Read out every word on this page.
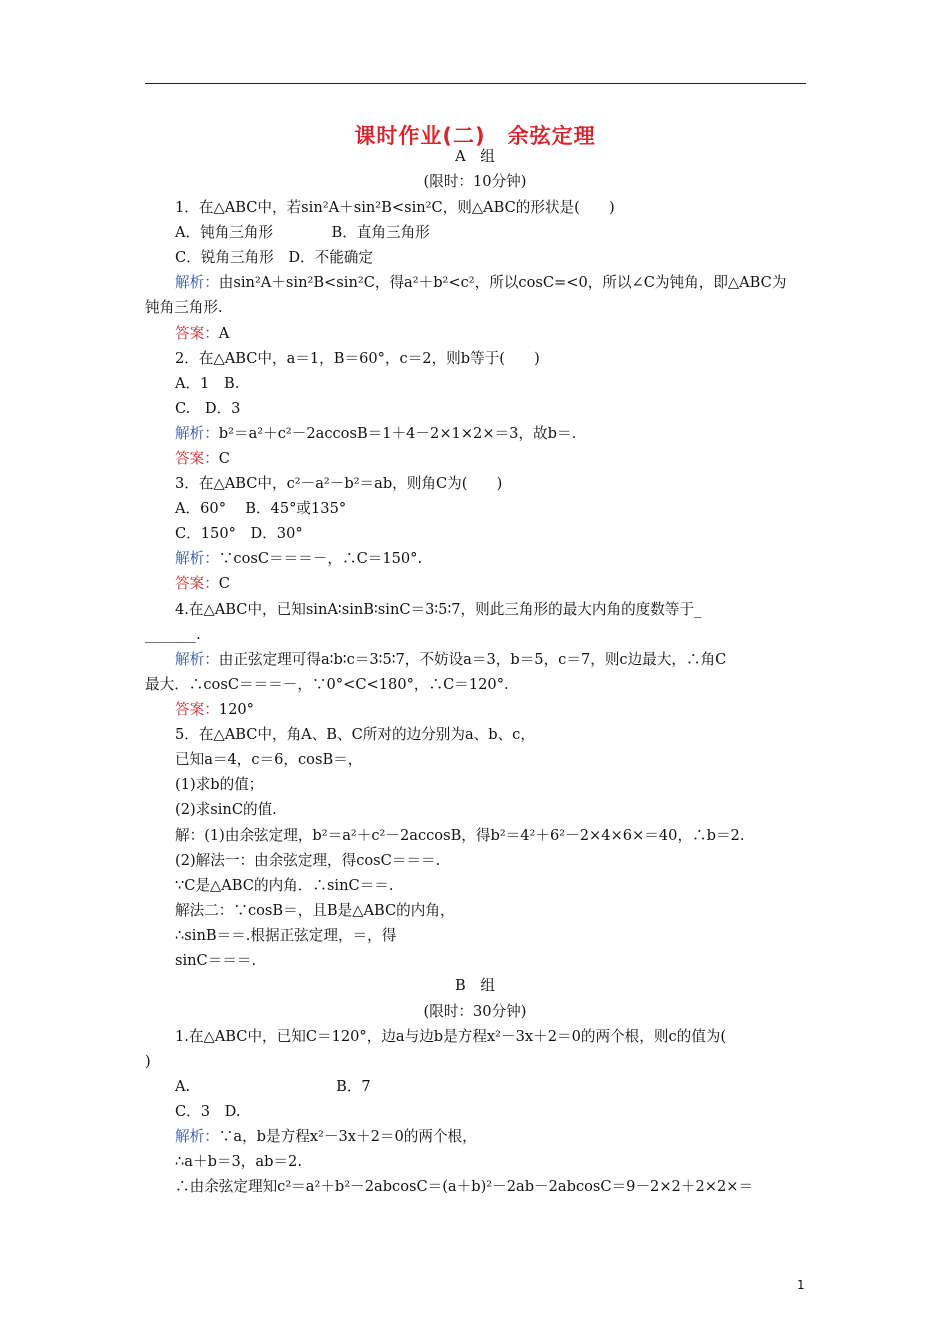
课时作业(二) 余弦定理
A　组
(限时：10分钟)
1．在△ABC中，若sin²A＋sin²B<sin²C，则△ABC的形状是(　　)
A．钝角三角形　　　　B．直角三角形
C．锐角三角形　D．不能确定
解析：由sin²A＋sin²B<sin²C，得a²＋b²<c²，所以cosC=<0，所以∠C为钝角，即△ABC为
钝角三角形.
答案：A
2．在△ABC中，a＝1，B＝60°，c＝2，则b等于(　　)
A．1　B.
C.　D．3
解析：b²＝a²＋c²－2accosB＝1＋4－2×1×2×＝3，故b＝.
答案：C
3．在△ABC中，c²－a²－b²＝ab，则角C为(　　)
A．60°　 B．45°或135°
C．150°　D．30°
解析：∵cosC＝＝＝－，∴C＝150°.
答案：C
4.在△ABC中，已知sinA∶sinB∶sinC＝3∶5∶7，则此三角形的最大内角的度数等于_
_______.
解析：由正弦定理可得a∶b∶c＝3∶5∶7，不妨设a＝3，b＝5，c＝7，则c边最大，∴角C
最大．∴cosC＝＝＝－，∵0°<C<180°，∴C＝120°.
答案：120°
5．在△ABC中，角A、B、C所对的边分别为a、b、c，
已知a＝4，c＝6，cosB＝，
(1)求b的值；
(2)求sinC的值.
解：(1)由余弦定理，b²＝a²＋c²－2accosB，得b²＝4²＋6²－2×4×6×＝40，∴b＝2.
(2)解法一：由余弦定理，得cosC＝＝＝.
∵C是△ABC的内角．∴sinC＝＝.
解法二：∵cosB＝，且B是△ABC的内角，
∴sinB＝＝.根据正弦定理，＝，得
sinC＝＝＝.
B　组
(限时：30分钟)
1.在△ABC中，已知C＝120°，边a与边b是方程x²－3x＋2＝0的两个根，则c的值为(
)
A.　　　　　　　　　　B．7
C．3　D.
解析：∵a，b是方程x²－3x＋2＝0的两个根，
∴a＋b＝3，ab＝2.
∴由余弦定理知c²＝a²＋b²－2abcosC＝(a＋b)²－2ab－2abcosC＝9－2×2＋2×2×＝
1
